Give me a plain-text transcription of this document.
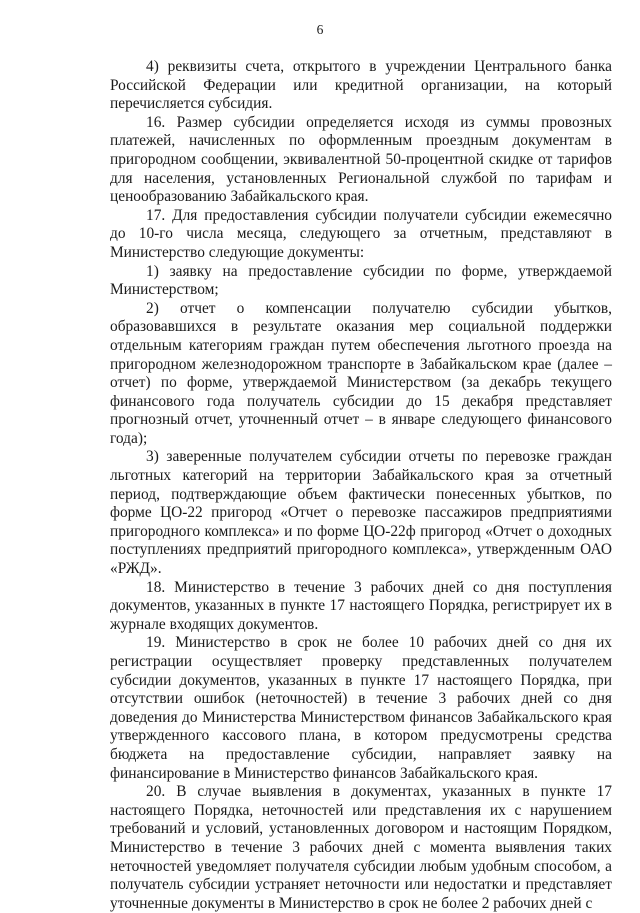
6

4) реквизиты счета, открытого в учреждении Центрального банка Российской Федерации или кредитной организации, на который перечисляется субсидия.

16. Размер субсидии определяется исходя из суммы провозных платежей, начисленных по оформленным проездным документам в пригородном сообщении, эквивалентной 50-процентной скидке от тарифов для населения, установленных Региональной службой по тарифам и ценообразованию Забайкальского края.

17. Для предоставления субсидии получатели субсидии ежемесячно до 10-го числа месяца, следующего за отчетным, представляют в Министерство следующие документы:

1) заявку на предоставление субсидии по форме, утверждаемой Министерством;

2) отчет о компенсации получателю субсидии убытков, образовавшихся в результате оказания мер социальной поддержки отдельным категориям граждан путем обеспечения льготного проезда на пригородном железнодорожном транспорте в Забайкальском крае (далее – отчет) по форме, утверждаемой Министерством (за декабрь текущего финансового года получатель субсидии до 15 декабря представляет прогнозный отчет, уточненный отчет – в январе следующего финансового года);

3) заверенные получателем субсидии отчеты по перевозке граждан льготных категорий на территории Забайкальского края за отчетный период, подтверждающие объем фактически понесенных убытков, по форме ЦО-22 пригород «Отчет о перевозке пассажиров предприятиями пригородного комплекса» и по форме ЦО-22ф пригород «Отчет о доходных поступлениях предприятий пригородного комплекса», утвержденным ОАО «РЖД».

18. Министерство в течение 3 рабочих дней со дня поступления документов, указанных в пункте 17 настоящего Порядка, регистрирует их в журнале входящих документов.

19. Министерство в срок не более 10 рабочих дней со дня их регистрации осуществляет проверку представленных получателем субсидии документов, указанных в пункте 17 настоящего Порядка, при отсутствии ошибок (неточностей) в течение 3 рабочих дней со дня доведения до Министерства Министерством финансов Забайкальского края утвержденного кассового плана, в котором предусмотрены средства бюджета на предоставление субсидии, направляет заявку на финансирование в Министерство финансов Забайкальского края.

20. В случае выявления в документах, указанных в пункте 17 настоящего Порядка, неточностей или представления их с нарушением требований и условий, установленных договором и настоящим Порядком, Министерство в течение 3 рабочих дней с момента выявления таких неточностей уведомляет получателя субсидии любым удобным способом, а получатель субсидии устраняет неточности или недостатки и представляет уточненные документы в Министерство в срок не более 2 рабочих дней с
